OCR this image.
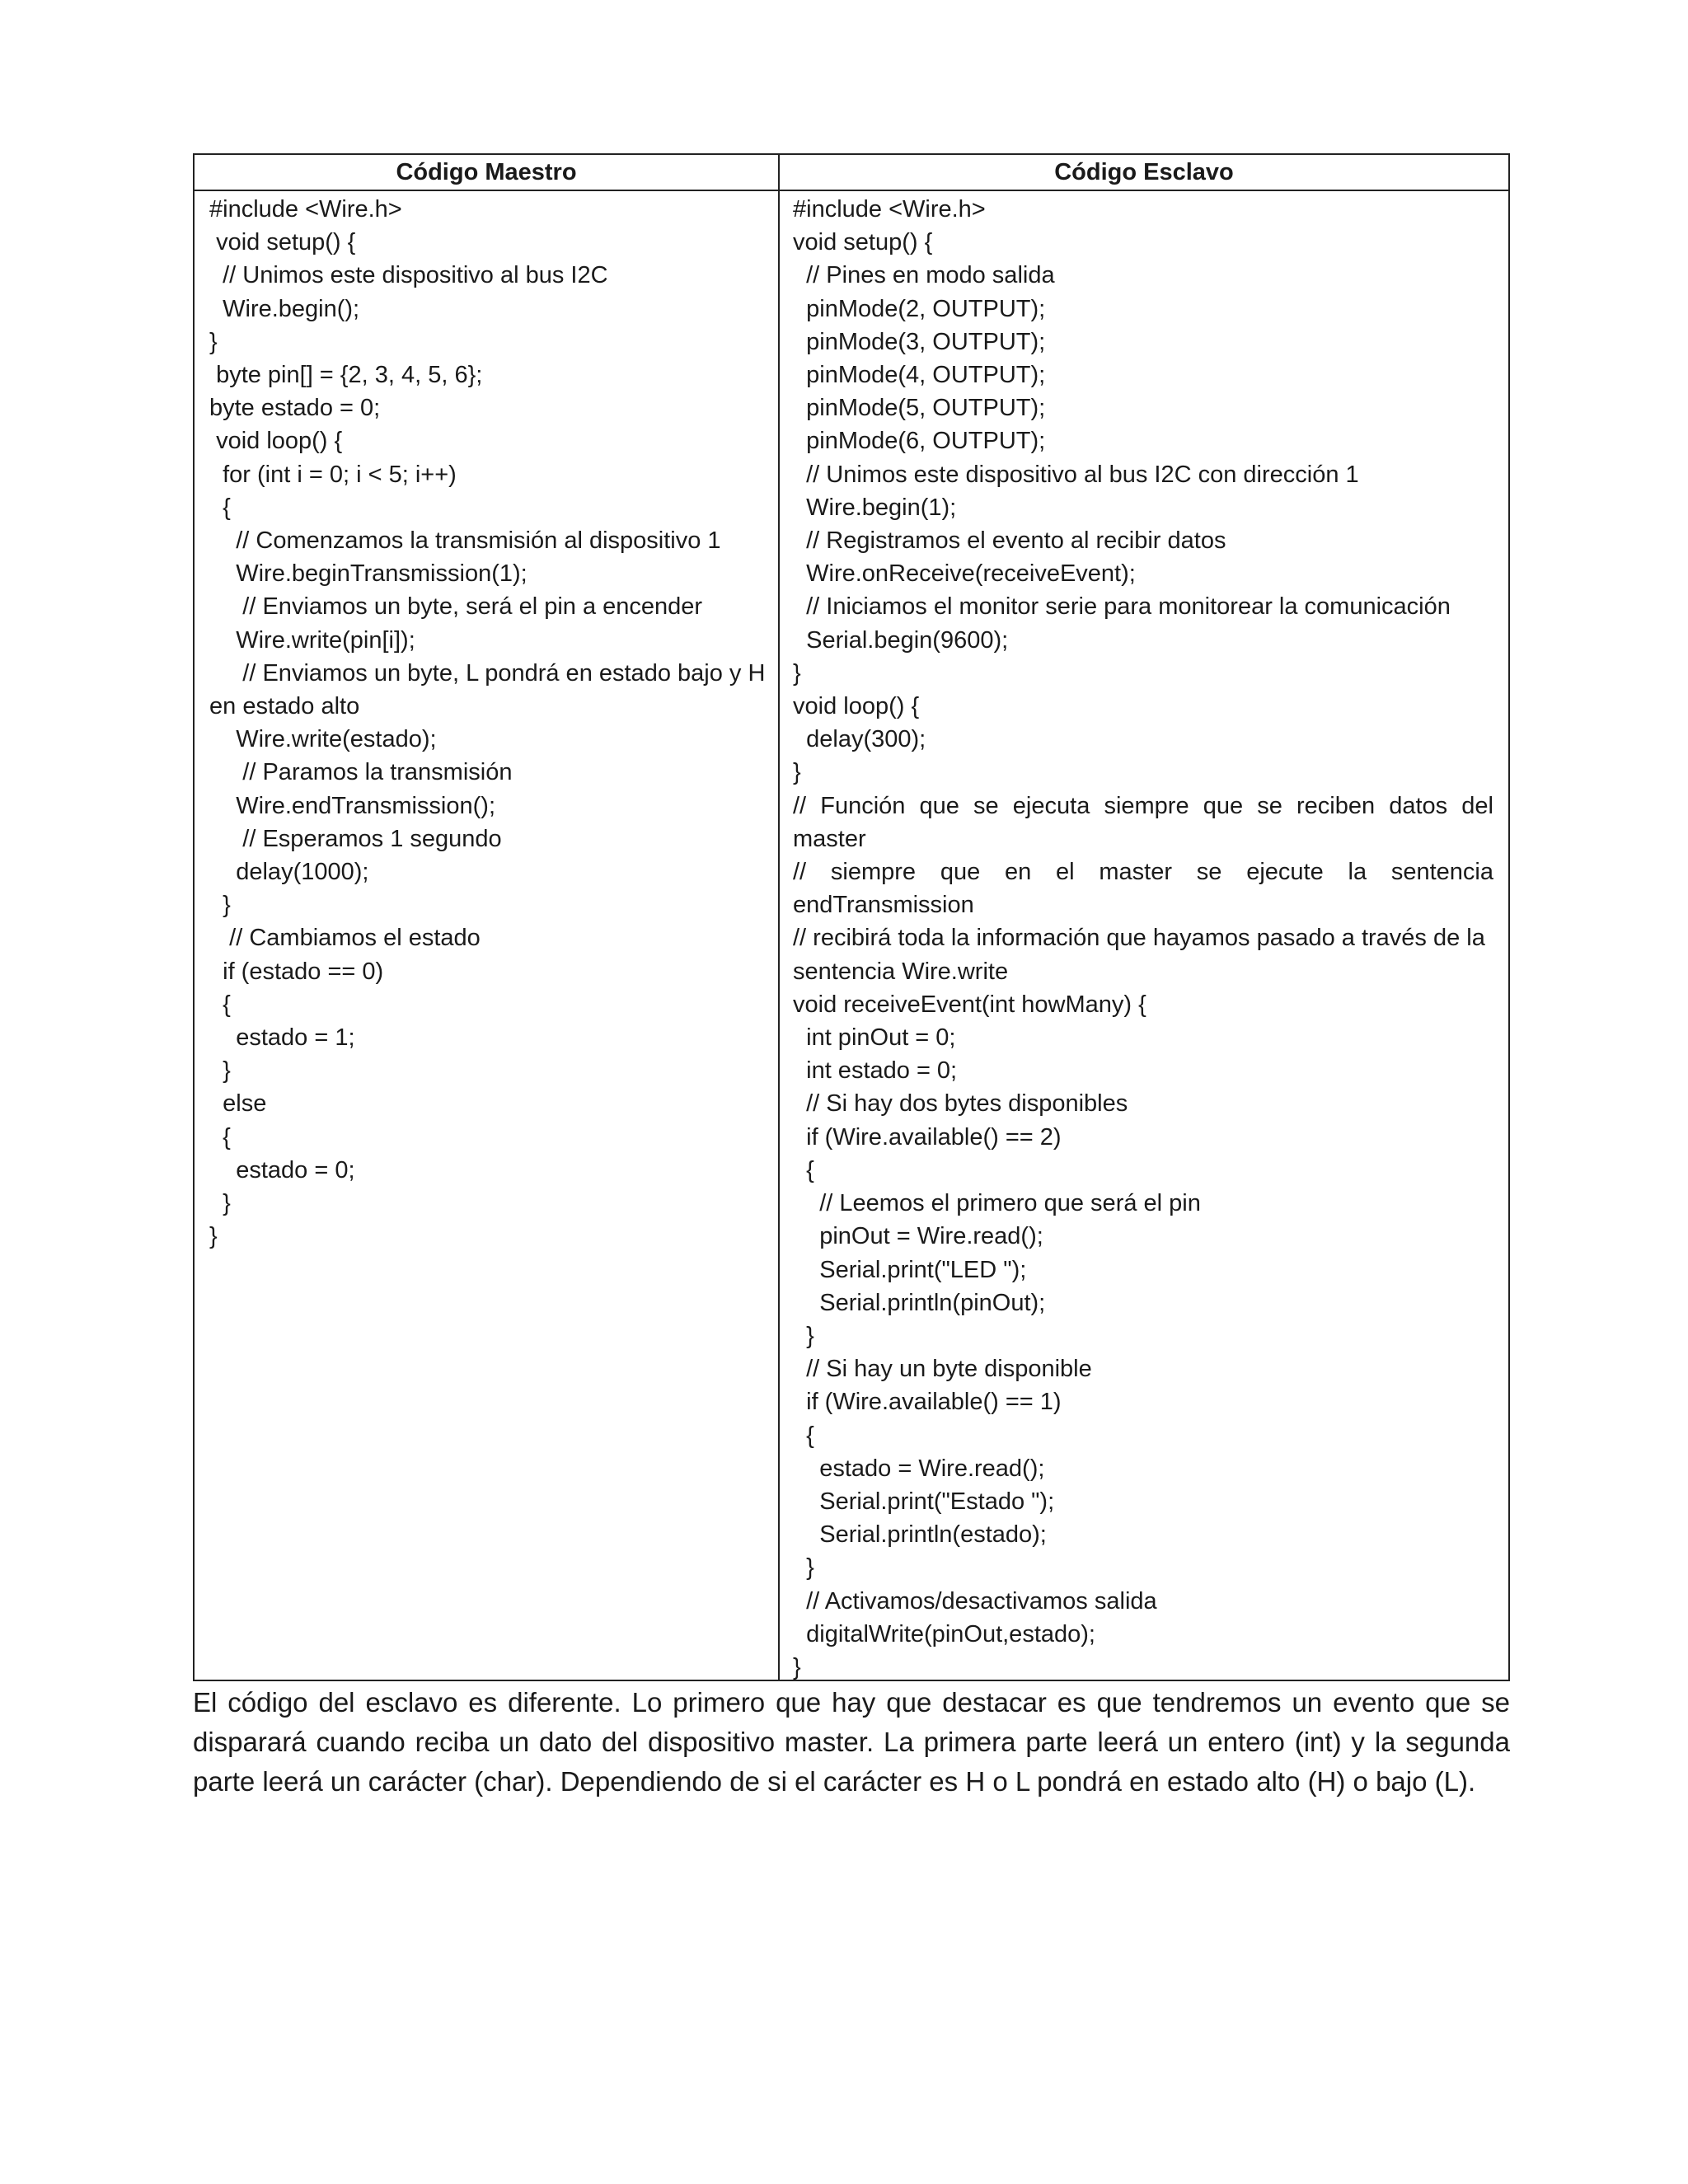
Código Maestro	Código Esclavo
#include <Wire.h>
void setup() {
// Unimos este dispositivo al bus I2C
Wire.begin();
}
byte pin[] = {2, 3, 4, 5, 6};
byte estado = 0;
void loop() {
for (int i = 0; i < 5; i++)
{
// Comenzamos la transmisión al dispositivo 1
Wire.beginTransmission(1);
// Enviamos un byte, será el pin a encender
Wire.write(pin[i]);
// Enviamos un byte, L pondrá en estado bajo y H en estado alto
Wire.write(estado);
// Paramos la transmisión
Wire.endTransmission();
// Esperamos 1 segundo
delay(1000);
}
// Cambiamos el estado
if (estado == 0)
{
estado = 1;
}
else
{
estado = 0;
}
}
#include <Wire.h>
void setup() {
// Pines en modo salida
pinMode(2, OUTPUT);
pinMode(3, OUTPUT);
pinMode(4, OUTPUT);
pinMode(5, OUTPUT);
pinMode(6, OUTPUT);
// Unimos este dispositivo al bus I2C con dirección 1
Wire.begin(1);
// Registramos el evento al recibir datos
Wire.onReceive(receiveEvent);
// Iniciamos el monitor serie para monitorear la comunicación
Serial.begin(9600);
}
void loop() {
delay(300);
}
// Función que se ejecuta siempre que se reciben datos del master
// siempre que en el master se ejecute la sentencia endTransmission
// recibirá toda la información que hayamos pasado a través de la sentencia Wire.write
void receiveEvent(int howMany) {
int pinOut = 0;
int estado = 0;
// Si hay dos bytes disponibles
if (Wire.available() == 2)
{
// Leemos el primero que será el pin
pinOut = Wire.read();
Serial.print("LED ");
Serial.println(pinOut);
}
// Si hay un byte disponible
if (Wire.available() == 1)
{
estado = Wire.read();
Serial.print("Estado ");
Serial.println(estado);
}
// Activamos/desactivamos salida
digitalWrite(pinOut,estado);
}
El código del esclavo es diferente. Lo primero que hay que destacar es que tendremos un evento que se disparará cuando reciba un dato del dispositivo master. La primera parte leerá un entero (int) y la segunda parte leerá un carácter (char). Dependiendo de si el carácter es H o L pondrá en estado alto (H) o bajo (L).
